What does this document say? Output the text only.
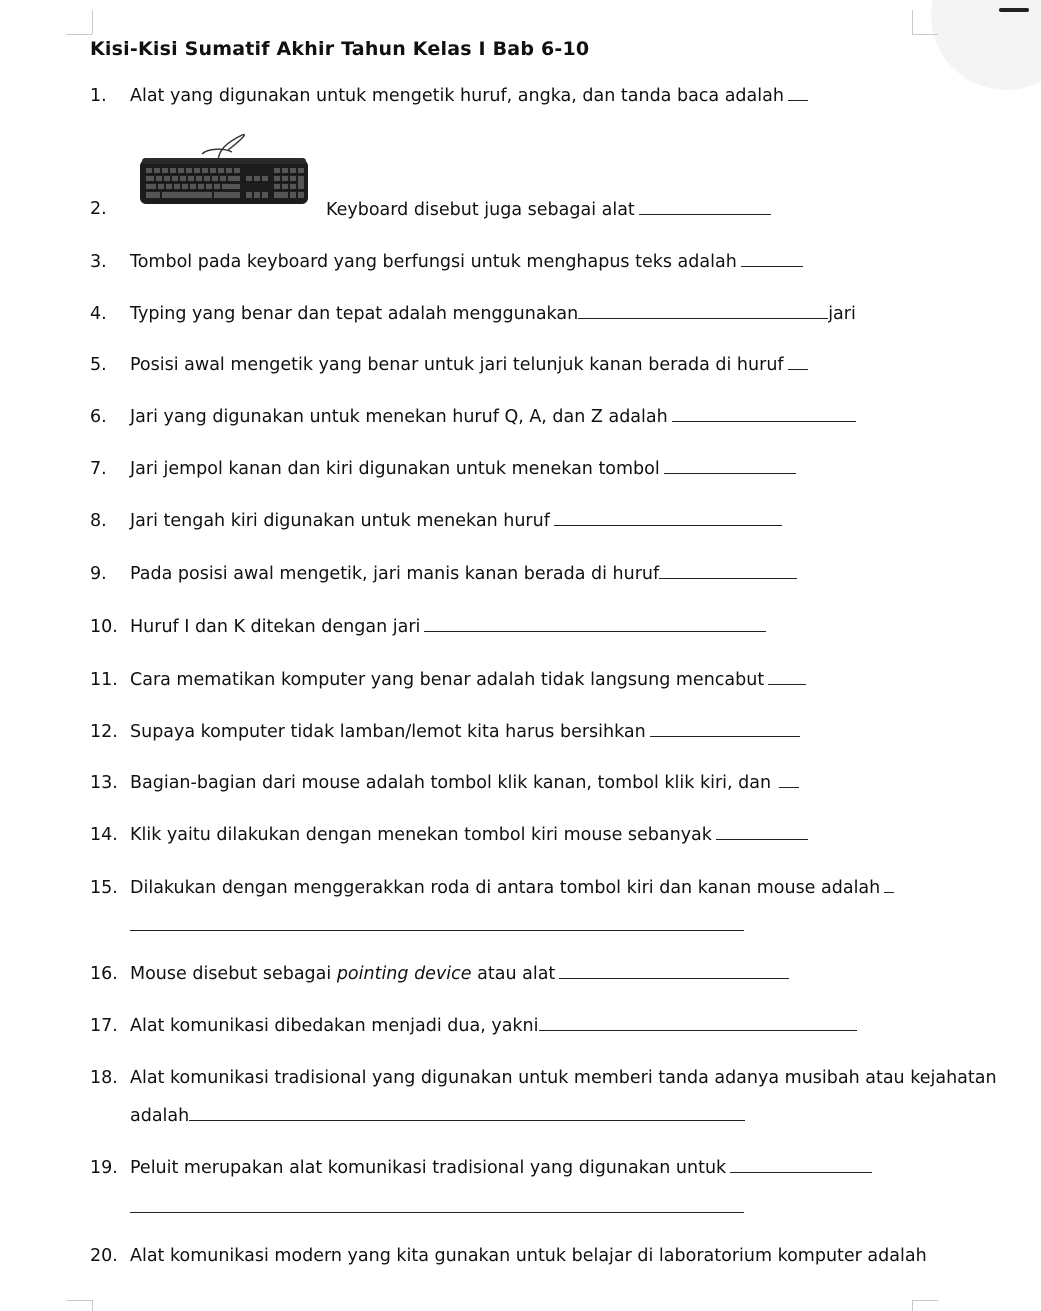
Kisi-Kisi Sumatif Akhir Tahun Kelas I Bab 6-10
1. Alat yang digunakan untuk mengetik huruf, angka, dan tanda baca adalah
2.	Keyboard disebut juga sebagai alat
3. Tombol pada keyboard yang berfungsi untuk menghapus teks adalah
4. Typing yang benar dan tepat adalah menggunakan	jari
5. Posisi awal mengetik yang benar untuk jari telunjuk kanan berada di huruf
6. Jari yang digunakan untuk menekan huruf Q, A, dan Z adalah
7. Jari jempol kanan dan kiri digunakan untuk menekan tombol
8. Jari tengah kiri digunakan untuk menekan huruf
9. Pada posisi awal mengetik, jari manis kanan berada di huruf
10. Huruf I dan K ditekan dengan jari
11. Cara mematikan komputer yang benar adalah tidak langsung mencabut
12. Supaya komputer tidak lamban/lemot kita harus bersihkan
13. Bagian-bagian dari mouse adalah tombol klik kanan, tombol klik kiri, dan
14. Klik yaitu dilakukan dengan menekan tombol kiri mouse sebanyak
15. Dilakukan dengan menggerakkan roda di antara tombol kiri dan kanan mouse adalah
16. Mouse disebut sebagai pointing device atau alat
17. Alat komunikasi dibedakan menjadi dua, yakni
18. Alat komunikasi tradisional yang digunakan untuk memberi tanda adanya musibah atau kejahatan
adalah
19. Peluit merupakan alat komunikasi tradisional yang digunakan untuk
20. Alat komunikasi modern yang kita gunakan untuk belajar di laboratorium komputer adalah
